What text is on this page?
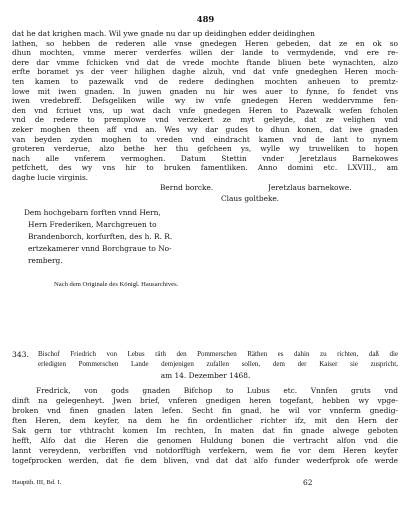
489
dat he dat krighen mach. Wil ywe gnade nu dar up deidinghen edder deidinghen
lathen, so hebben de rederen alle vnse gnedegen Heren gebeden, dat ze en ok so
dhun mochten, vmme merer verderfes willen der lande to vermydende, vnd ere re-
dere dar vmme fchicken vnd dat de vrede mochte ftande bliuen bete wynachten, alzo
erfte boramet ys der veer hilighen daghe alzuh, vnd dat vnfe gnedeghen Heren moch-
ten kamen to pazewalk vnd de redere dedinghen mochten anheuen to premtz-
lowe mit iwen gnaden. In juwen gnaden nu hir wes auer to fynne, fo fendet vns
iwen vredebreff. Defsgeliken wille wy iw vnfe gnedegen Heren weddervmme fen-
den vnd fcriuet vns, up wat dach vnfe gnedegen Heren to Pazewalk wefen fcholen
vnd de redere to premplowe vnd verzekert ze myt geleyde, dat ze velighen vnd
zeker moghen theen aff vnd an. Wes wy dar gudes to dhun konen, dat iwe gnaden
van beyden zyden moghen to vreden vnd eindracht kamen vnd de lant to nynem
groteren verderue, alzo bethe her thu gefcheen ys, wylle wy truweliken to hopen
nach alle vnferem vermoghen. Datum Stettin vnder Jeretzlaus Barnekowes
petfchett, des wy vns hir to bruken famentliken. Anno domini etc. LXVIII., am
daghe lucie virginis.
Bernd borcke.	Jeretzlaus barnekowe.
Claus goltbeke.
Dem hochgebarn forften vnnd Hern,
Hern Frederiken, Marchgreuen to
Brandenborch, korfurften, des h. R. R.
ertzekamerer vnnd Borchgraue to No-
remberg.
Nach dem Originale des Königl. Hausarchives.
343.	Bischof Friedrich von Lebus räth den Pommerschen Räthen es dahin zu richten, daß die
erledigten Pommerschen Lande demjenigen zufallen sollen, dem der Kaiser sie zuspricht,
am 14. Dezember 1468.
Fredrick, von gods gnaden Bifchop to Lubus etc. Vnnfen gruts vnd
dinft na gelegenheyt. Jwen brief, vnferen gnedigen heren togefant, hebben wy vpge-
broken vnd finen gnaden laten lefen. Secht fin gnad, he wil vor vnnferm gnedig-
ften Heren, dem keyfer, na dem he fin ordentlicher richter ifz, mit den Hern der
Sak gern tor vthtracht komen Im rechten, In maten dat fin gnade alwege geboten
hefft, Alfo dat die Heren die genomen Huldung bonen die vertracht alfon vnd die
lannt vereydenn, verbriffen vnd notdorfftigh verfekern, wem fie vor dem Heren keyfer
togefprocken werden, dat fie dem bliven, vnd dat dat alfo funder wederfprok ofe werde
Hauptth. III, Bd. I.	62
